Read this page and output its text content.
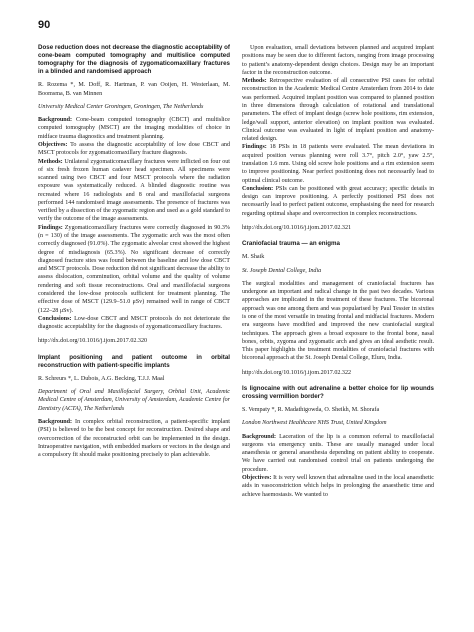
90

Dose reduction does not decrease the diagnostic acceptability of cone-beam computed tomography and multislice computed tomography for the diagnosis of zygomaticomaxillary fractures in a blinded and randomised approach

R. Rozema *, M. Doff, R. Hartman, P. van Ooijen, H. Westerlaan, M. Boomsma, B. van Minnen

University Medical Center Groningen, Groningen, The Netherlands

Background: Cone-beam computed tomography (CBCT) and multislice computed tomography (MSCT) are the imaging modalities of choice in midface trauma diagnostics and treatment planning.

Objectives: To assess the diagnostic acceptability of low dose CBCT and MSCT protocols for zygomaticomaxillary fracture diagnosis.

Methods: Unilateral zygomaticomaxillary fractures were inflicted on four out of six fresh frozen human cadaver head specimen. All specimens were scanned using two CBCT and four MSCT protocols where the radiation exposure was systematically reduced. A blinded diagnostic routine was recreated where 16 radiologists and 8 oral and maxillofacial surgeons performed 144 randomised image assessments. The presence of fractures was verified by a dissection of the zygomatic region and used as a gold standard to verify the outcome of the image assessments.

Findings: Zygomaticomaxillary fractures were correctly diagnosed in 90.3% (n = 130) of the image assessments. The zygomatic arch was the most often correctly diagnosed (91.0%). The zygomatic alveolar crest showed the highest degree of misdiagnosis (65.3%). No significant decrease of correctly diagnosed fracture sites was found between the baseline and low dose CBCT and MSCT protocols. Dose reduction did not significant decrease the ability to assess dislocation, comminution, orbital volume and the quality of volume rendering and soft tissue reconstructions. Oral and maxillofacial surgeons considered the low-dose protocols sufficient for treatment planning. The effective dose of MSCT (129.9–51.0 μSv) remained well in range of CBCT (122–28 μSv).

Conclusions: Low-dose CBCT and MSCT protocols do not deteriorate the diagnostic acceptability for the diagnosis of zygomaticomaxillary fractures.

http://dx.doi.org/10.1016/j.ijom.2017.02.320

Implant positioning and patient outcome in orbital reconstruction with patient-specific implants

R. Schreurs *, L. Dubois, A.G. Becking, T.J.J. Maal

Department of Oral and Maxillofacial Surgery, Orbital Unit, Academic Medical Centre of Amsterdam, University of Amsterdam, Academic Centre for Dentistry (ACTA), The Netherlands

Background: In complex orbital reconstruction, a patient-specific implant (PSI) is believed to be the best concept for reconstruction. Desired shape and overcorrection of the reconstructed orbit can be implemented in the design. Intraoperative navigation, with embedded markers or vectors in the design and a compulsory fit should make positioning precisely to plan achievable.

Upon evaluation, small deviations between planned and acquired implant positions may be seen due to different factors, ranging from image processing to patient’s anatomy-dependent design choices. Design may be an important factor in the reconstruction outcome.

Methods: Retrospective evaluation of all consecutive PSI cases for orbital reconstruction in the Academic Medical Centre Amsterdam from 2014 to date was performed. Acquired implant position was compared to planned position in three dimensions through calculation of rotational and translational parameters. The effect of implant design (screw hole positions, rim extension, ledge/wall support, anterior elevation) on implant position was evaluated. Clinical outcome was evaluated in light of implant position and anatomy-related design.

Findings: 18 PSIs in 18 patients were evaluated. The mean deviations in acquired position versus planning were roll 3.7°, pitch 2.0°, yaw 2.5°, translation 1.6 mm. Using old screw hole positions and a rim extension seem to improve positioning. Near perfect positioning does not necessarily lead to optimal clinical outcome.

Conclusion: PSIs can be positioned with great accuracy; specific details in design can improve positioning. A perfectly positioned PSI does not necessarily lead to perfect patient outcome, emphasising the need for research regarding optimal shape and overcorrection in complex reconstructions.

http://dx.doi.org/10.1016/j.ijom.2017.02.321

Craniofacial trauma — an enigma

M. Shaik

St. Joseph Dental College, India

The surgical modalities and management of craniofacial fractures has undergone an important and radical change in the past two decades. Various approaches are implicated in the treatment of these fractures. The bicoronal approach was one among them and was popularised by Paul Tessier in sixties is one of the most versatile in treating frontal and midfacial fractures. Modern era surgeons have modified and improved the new craniofacial surgical techniques. The approach gives a broad exposure to the frontal bone, nasal bones, orbits, zygoma and zygomatic arch and gives an ideal aesthetic result. This paper highlights the treatment modalities of craniofacial fractures with bicoronal approach at the St. Joseph Dental College, Eluru, India.

http://dx.doi.org/10.1016/j.ijom.2017.02.322

Is lignocaine with out adrenaline a better choice for lip wounds crossing vermillion border?

S. Vempaty *, R. Madathigowda, O. Sheikh, M. Shorafa

London Northwest Healthcare NHS Trust, United Kingdom

Background: Laceration of the lip is a common referral to maxillofacial surgeons via emergency units. These are usually managed under local anaesthesia or general anaesthesia depending on patient ability to cooperate. We have carried out randomised control trial on patients undergoing the procedure.

Objectives: It is very well known that adrenaline used in the local anaesthetic aids in vasoconstriction which helps in prolonging the anaesthetic time and achieve haemostasis. We wanted to
